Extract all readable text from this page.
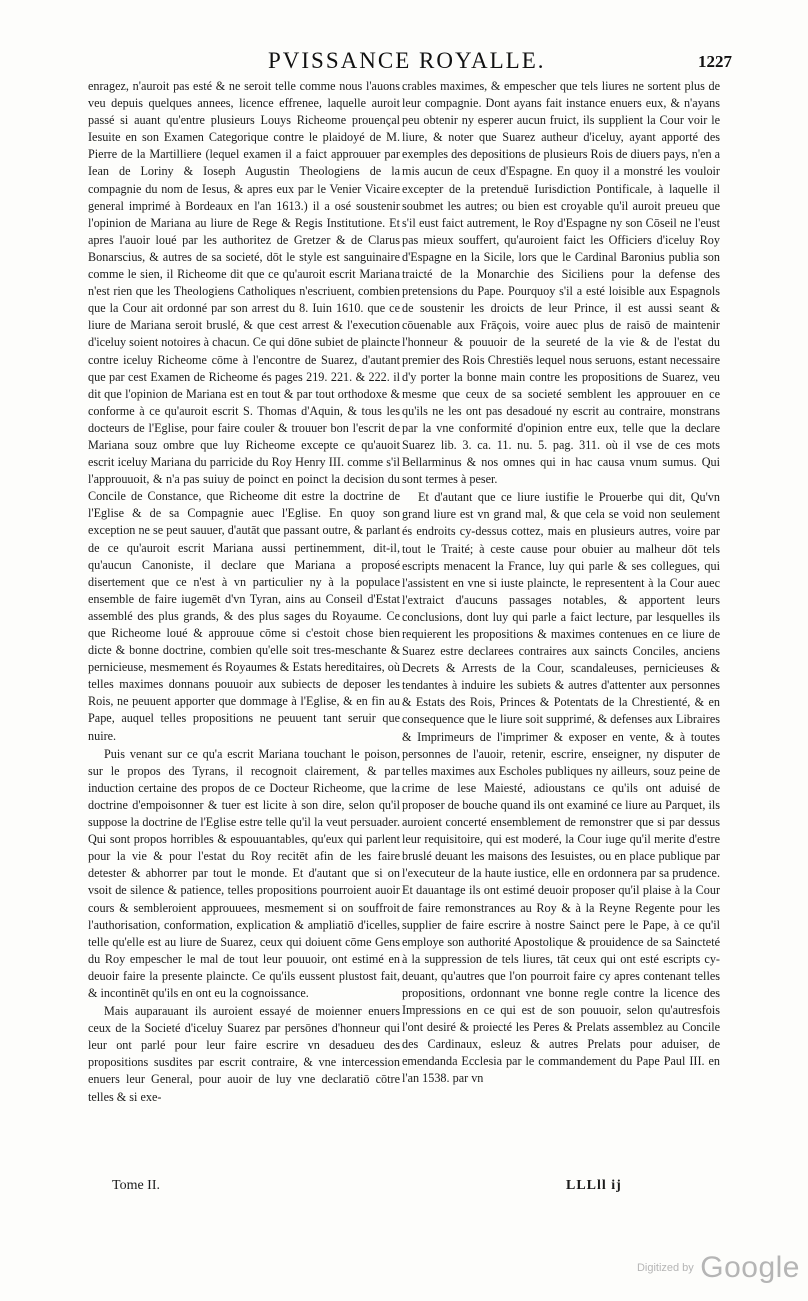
PVISSANCE ROYALLE.	1227

enragez, n'auroit pas esté & ne seroit telle comme nous l'auons veu depuis quelques annees, licence effrenee, laquelle auroit passé si auant qu'entre plusieurs Louys Richeome prouençal Iesuite en son Examen Categorique contre le plaidoyé de M. Pierre de la Martilliere (lequel examen il a faict approuuer par Iean de Loriny & Ioseph Augustin Theologiens de la compagnie du nom de Iesus, & apres eux par le Venier Vicaire general imprimé à Bordeaux en l'an 1613.) il a osé soustenir l'opinion de Mariana au liure de Rege & Regis Institutione. Et apres l'auoir loué par les authoritez de Gretzer & de Clarus Bonarscius, & autres de sa societé, dōt le style est sanguinaire comme le sien, il Richeome dit que ce qu'auroit escrit Mariana n'est rien que les Theologiens Catholiques n'escriuent, combien que la Cour ait ordonné par son arrest du 8. Iuin 1610. que ce liure de Mariana seroit bruslé, & que cest arrest & l'execution d'iceluy soient notoires à chacun. Ce qui dōne subiet de plaincte contre iceluy Richeome cōme à l'encontre de Suarez, d'autant que par cest Examen de Richeome és pages 219. 221. & 222. il dit que l'opinion de Mariana est en tout & par tout orthodoxe & conforme à ce qu'auroit escrit S. Thomas d'Aquin, & tous les docteurs de l'Eglise, pour faire couler & trouuer bon l'escrit de Mariana souz ombre que luy Richeome excepte ce qu'auoit escrit iceluy Mariana du parricide du Roy Henry III. comme s'il l'approuuoit, & n'a pas suiuy de poinct en poinct la decision du Concile de Constance, que Richeome dit estre la doctrine de l'Eglise & de sa Compagnie auec l'Eglise. En quoy son exception ne se peut sauuer, d'autāt que passant outre, & parlant de ce qu'auroit escrit Mariana aussi pertinemment, dit-il, qu'aucun Canoniste, il declare que Mariana a proposé disertement que ce n'est à vn particulier ny à la populace ensemble de faire iugemēt d'vn Tyran, ains au Conseil d'Estat assemblé des plus grands, & des plus sages du Royaume. Ce que Richeome loué & approuue cōme si c'estoit chose bien dicte & bonne doctrine, combien qu'elle soit tres-meschante & pernicieuse, mesmement és Royaumes & Estats hereditaires, où telles maximes donnans pouuoir aux subiects de deposer les Rois, ne peuuent apporter que dommage à l'Eglise, & en fin au Pape, auquel telles propositions ne peuuent tant seruir que nuire.

Puis venant sur ce qu'a escrit Mariana touchant le poison, sur le propos des Tyrans, il recognoit clairement, & par induction certaine des propos de ce Docteur Richeome, que la doctrine d'empoisonner & tuer est licite à son dire, selon qu'il suppose la doctrine de l'Eglise estre telle qu'il la veut persuader. Qui sont propos horribles & espouuantables, qu'eux qui parlent pour la vie & pour l'estat du Roy recitēt afin de les faire detester & abhorrer par tout le monde. Et d'autant que si on vsoit de silence & patience, telles propositions pourroient auoir cours & sembleroient approuuees, mesmement si on souffroit l'authorisation, conformation, explication & ampliatiō d'icelles, telle qu'elle est au liure de Suarez, ceux qui doiuent cōme Gens du Roy empescher le mal de tout leur pouuoir, ont estimé en deuoir faire la presente plaincte. Ce qu'ils eussent plustost fait, & incontinēt qu'ils en ont eu la cognoissance.

Mais auparauant ils auroient essayé de moienner enuers ceux de la Societé d'iceluy Suarez par persōnes d'honneur qui leur ont parlé pour leur faire escrire vn desadueu des propositions susdites par escrit contraire, & vne intercession enuers leur General, pour auoir de luy vne declaratiō cōtre telles & si exe-

crables maximes, & empescher que tels liures ne sortent plus de leur compagnie. Dont ayans fait instance enuers eux, & n'ayans peu obtenir ny esperer aucun fruict, ils supplient la Cour voir le liure, & noter que Suarez autheur d'iceluy, ayant apporté des exemples des depositions de plusieurs Rois de diuers pays, n'en a mis aucun de ceux d'Espagne. En quoy il a monstré les vouloir excepter de la pretenduë Iurisdiction Pontificale, à laquelle il soubmet les autres; ou bien est croyable qu'il auroit preueu que s'il eust faict autrement, le Roy d'Espagne ny son Cōseil ne l'eust pas mieux souffert, qu'auroient faict les Officiers d'iceluy Roy d'Espagne en la Sicile, lors que le Cardinal Baronius publia son traicté de la Monarchie des Siciliens pour la defense des pretensions du Pape. Pourquoy s'il a esté loisible aux Espagnols de soustenir les droicts de leur Prince, il est aussi seant & cōuenable aux Frāçois, voire auec plus de raisō de maintenir l'honneur & pouuoir de la seureté de la vie & de l'estat du premier des Rois Chrestiës lequel nous seruons, estant necessaire d'y porter la bonne main contre les propositions de Suarez, veu mesme que ceux de sa societé semblent les approuuer en ce qu'ils ne les ont pas desadoué ny escrit au contraire, monstrans par la vne conformité d'opinion entre eux, telle que la declare Suarez lib. 3. ca. 11. nu. 5. pag. 311. où il vse de ces mots Bellarminus & nos omnes qui in hac causa vnum sumus. Qui sont termes à peser.

Et d'autant que ce liure iustifie le Prouerbe qui dit, Qu'vn grand liure est vn grand mal, & que cela se void non seulement és endroits cy-dessus cottez, mais en plusieurs autres, voire par tout le Traité; à ceste cause pour obuier au malheur dōt tels escripts menacent la France, luy qui parle & ses collegues, qui l'assistent en vne si iuste plaincte, le representent à la Cour auec l'extraict d'aucuns passages notables, & apportent leurs conclusions, dont luy qui parle a faict lecture, par lesquelles ils requierent les propositions & maximes contenues en ce liure de Suarez estre declarees contraires aux saincts Conciles, anciens Decrets & Arrests de la Cour, scandaleuses, pernicieuses & tendantes à induire les subiets & autres d'attenter aux personnes & Estats des Rois, Princes & Potentats de la Chrestienté, & en consequence que le liure soit supprimé, & defenses aux Libraires & Imprimeurs de l'imprimer & exposer en vente, & à toutes personnes de l'auoir, retenir, escrire, enseigner, ny disputer de telles maximes aux Escholes publiques ny ailleurs, souz peine de crime de lese Maiesté, adioustans ce qu'ils ont aduisé de proposer de bouche quand ils ont examiné ce liure au Parquet, ils auroient concerté ensemblement de remonstrer que si par dessus leur requisitoire, qui est moderé, la Cour iuge qu'il merite d'estre bruslé deuant les maisons des Iesuistes, ou en place publique par l'executeur de la haute iustice, elle en ordonnera par sa prudence. Et dauantage ils ont estimé deuoir proposer qu'il plaise à la Cour de faire remonstrances au Roy & à la Reyne Regente pour les supplier de faire escrire à nostre Sainct pere le Pape, à ce qu'il employe son authorité Apostolique & prouidence de sa Saincteté à la suppression de tels liures, tāt ceux qui ont esté escripts cy-deuant, qu'autres que l'on pourroit faire cy apres contenant telles propositions, ordonnant vne bonne regle contre la licence des Impressions en ce qui est de son pouuoir, selon qu'autresfois l'ont desiré & proiecté les Peres & Prelats assemblez au Concile des Cardinaux, esleuz & autres Prelats pour aduiser, de emendanda Ecclesia par le commandement du Pape Paul III. en l'an 1538. par vn

Tome II.	LLLll ij
Digitized by Google
